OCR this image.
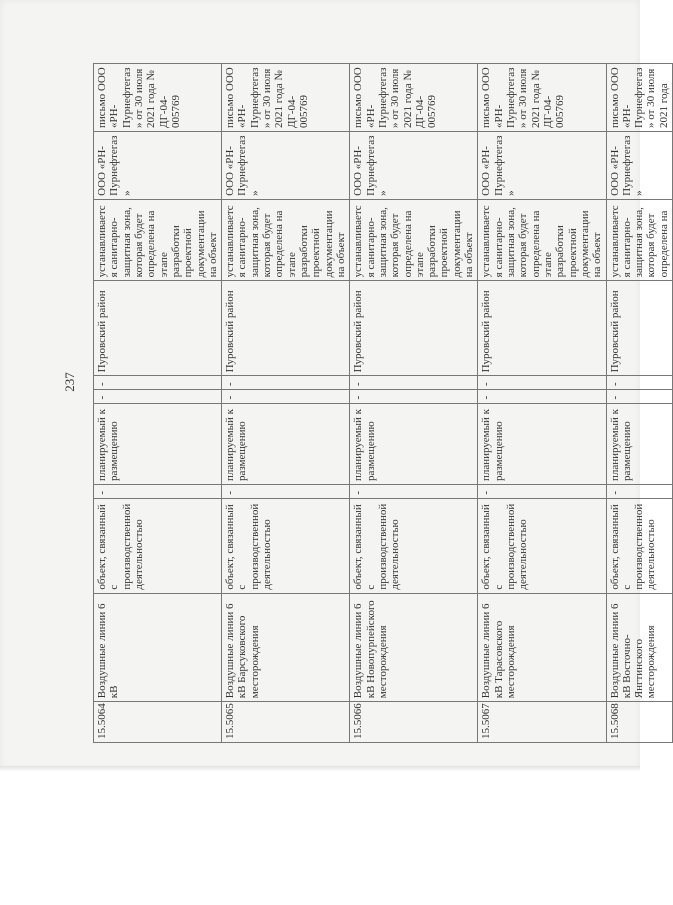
237
15.5064	Воздушные линии 6 кВ	объект, связанный с производственной деятельностью	-	планируемый к размещению	-	-	Пуровский район	устанавливается санитарно-защитная зона, которая будет определена на этапе разработки проектной документации на объект	ООО «РН-Пурнефтегаз»	письмо ООО «РН-Пурнефтегаз» от 30 июля 2021 года № ДГ-04-005769
15.5065	Воздушные линии 6 кВ Барсуковского месторождения	объект, связанный с производственной деятельностью	-	планируемый к размещению	-	-	Пуровский район	устанавливается санитарно-защитная зона, которая будет определена на этапе разработки проектной документации на объект	ООО «РН-Пурнефтегаз»	письмо ООО «РН-Пурнефтегаз» от 30 июля 2021 года № ДГ-04-005769
15.5066	Воздушные линии 6 кВ Новопурпейского месторождения	объект, связанный с производственной деятельностью	-	планируемый к размещению	-	-	Пуровский район	устанавливается санитарно-защитная зона, которая будет определена на этапе разработки проектной документации на объект	ООО «РН-Пурнефтегаз»	письмо ООО «РН-Пурнефтегаз» от 30 июля 2021 года № ДГ-04-005769
15.5067	Воздушные линии 6 кВ Тарасовского месторождения	объект, связанный с производственной деятельностью	-	планируемый к размещению	-	-	Пуровский район	устанавливается санитарно-защитная зона, которая будет определена на этапе разработки проектной документации на объект	ООО «РН-Пурнефтегаз»	письмо ООО «РН-Пурнефтегаз» от 30 июля 2021 года № ДГ-04-005769
15.5068	Воздушные линии 6 кВ Восточно-Янгтинского месторождения	объект, связанный с производственной деятельностью	-	планируемый к размещению	-	-	Пуровский район	устанавливается санитарно-защитная зона, которая будет определена на	ООО «РН-Пурнефтегаз»	письмо ООО «РН-Пурнефтегаз» от 30 июля 2021 года
